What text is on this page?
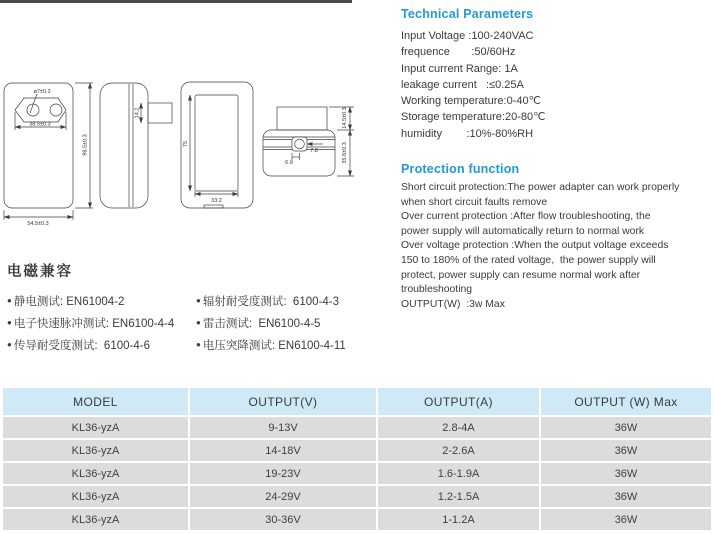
ø7±0.3
38.5±0.3
96.5±0.3
54.5±0.3
14.2
75
33.2
6.9
7.8
14.5±0.3
35.6±0.3
Technical Parameters
Input Voltage :100-240VAC
frequence       :50/60Hz
Input current Range: 1A
leakage current   :≤0.25A
Working temperature:0-40℃
Storage temperature:20-80℃
humidity        :10%-80%RH
Protection function
Short circuit protection:The power adapter can work properly
when short circuit faults remove
Over current protection :After flow troubleshooting, the
power supply will automatically return to normal work
Over voltage protection :When the output voltage exceeds
150 to 180% of the rated voltage,  the power supply will
protect, power supply can resume normal work after
troubleshooting
OUTPUT(W)  :3w Max
电磁兼容
● 静电测试: EN61004-2
● 电子快速脉冲测试: EN6100-4-4
● 传导耐受度测试:  6100-4-6
● 辐射耐受度测试:  6100-4-3
● 雷击测试:  EN6100-4-5
● 电压突降测试: EN6100-4-11
MODEL	OUTPUT(V)	OUTPUT(A)	OUTPUT (W) Max
KL36-yzA	9-13V	2.8-4A	36W
KL36-yzA	14-18V	2-2.6A	36W
KL36-yzA	19-23V	1.6-1.9A	36W
KL36-yzA	24-29V	1.2-1.5A	36W
KL36-yzA	30-36V	1-1.2A	36W
